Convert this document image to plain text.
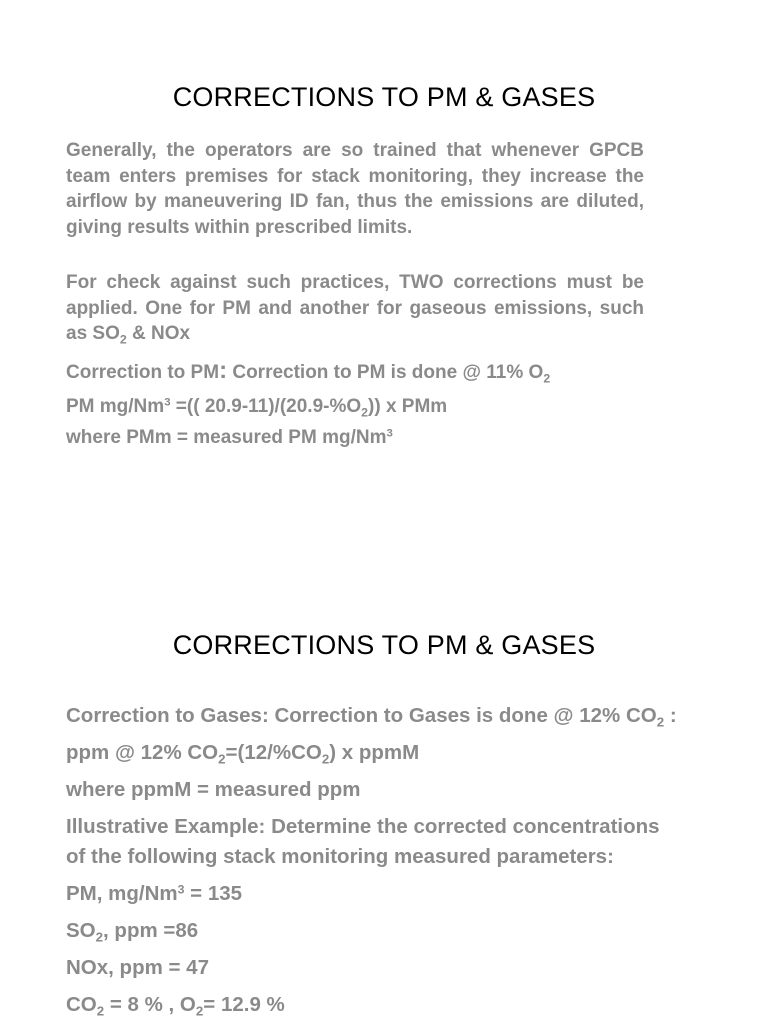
CORRECTIONS TO PM & GASES

Generally, the operators are so trained that whenever GPCB team enters premises for stack monitoring, they increase the airflow by maneuvering ID fan, thus the emissions are diluted, giving results within prescribed limits.

For check against such practices, TWO corrections must be applied. One for PM and another for gaseous emissions, such as $SO_2$ & NOx

Correction to PM: Correction to PM is done @ 11% $O_2$

PM $mg/Nm^3$ =(( $20.9-11)/(20.9-\%O_2)$) x PMm

where PMm = measured PM mg/Nm$^3$

CORRECTIONS TO PM & GASES

Correction to Gases: Correction to Gases is done @ 12% $CO_2$ :

ppm @ 12% $CO_2=(12/\%CO_2)$ x ppmM

where ppmM = measured ppm

Illustrative Example: Determine the corrected concentrations

of the following stack monitoring measured parameters:

PM, $mg/Nm^3 = 135$

$SO_2$, ppm =86

NOx, ppm = 47

$CO_2 = 8$ % , $O_2= 12.9$ %
